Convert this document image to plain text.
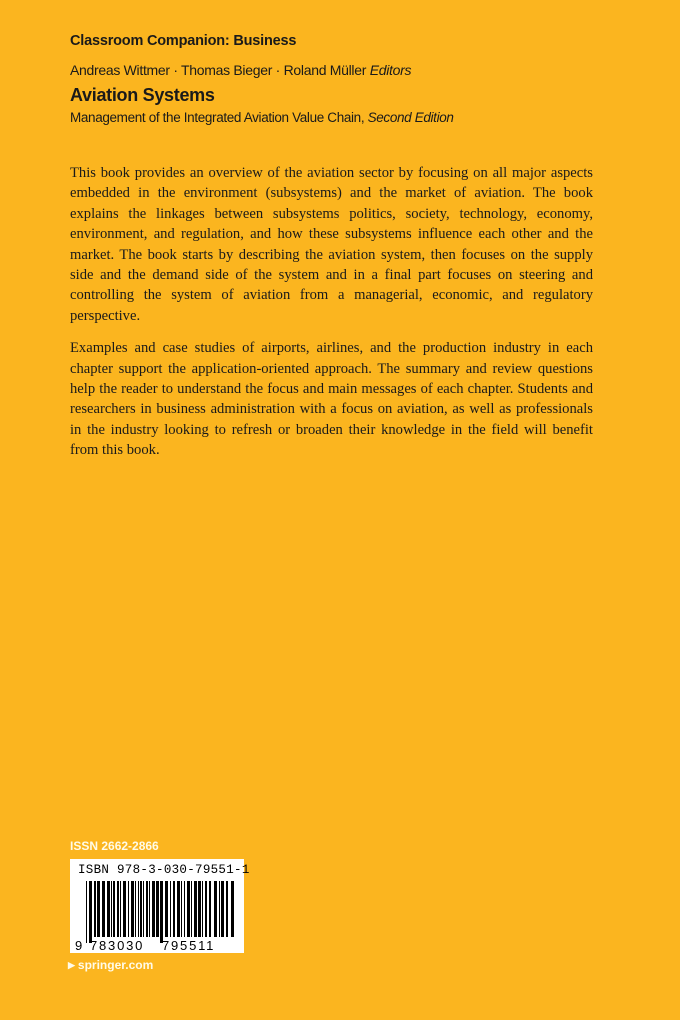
Classroom Companion: Business
Andreas Wittmer · Thomas Bieger · Roland Müller Editors
Aviation Systems
Management of the Integrated Aviation Value Chain, Second Edition

This book provides an overview of the aviation sector by focusing on all major aspects embedded in the environment (subsystems) and the market of aviation. The book explains the linkages between subsystems politics, society, technology, economy, environment, and regulation, and how these subsystems influence each other and the market. The book starts by describing the aviation system, then focuses on the supply side and the demand side of the system and in a final part focuses on steering and controlling the system of aviation from a managerial, economic, and regulatory perspective.

Examples and case studies of airports, airlines, and the production industry in each chapter support the application-oriented approach. The summary and review questions help the reader to understand the focus and main messages of each chapter. Students and researchers in business administration with a focus on aviation, as well as professionals in the industry looking to refresh or broaden their knowledge in the field will benefit from this book.

ISSN 2662-2866
ISBN 978-3-030-79551-1
9 783030 795511
▶ springer.com
